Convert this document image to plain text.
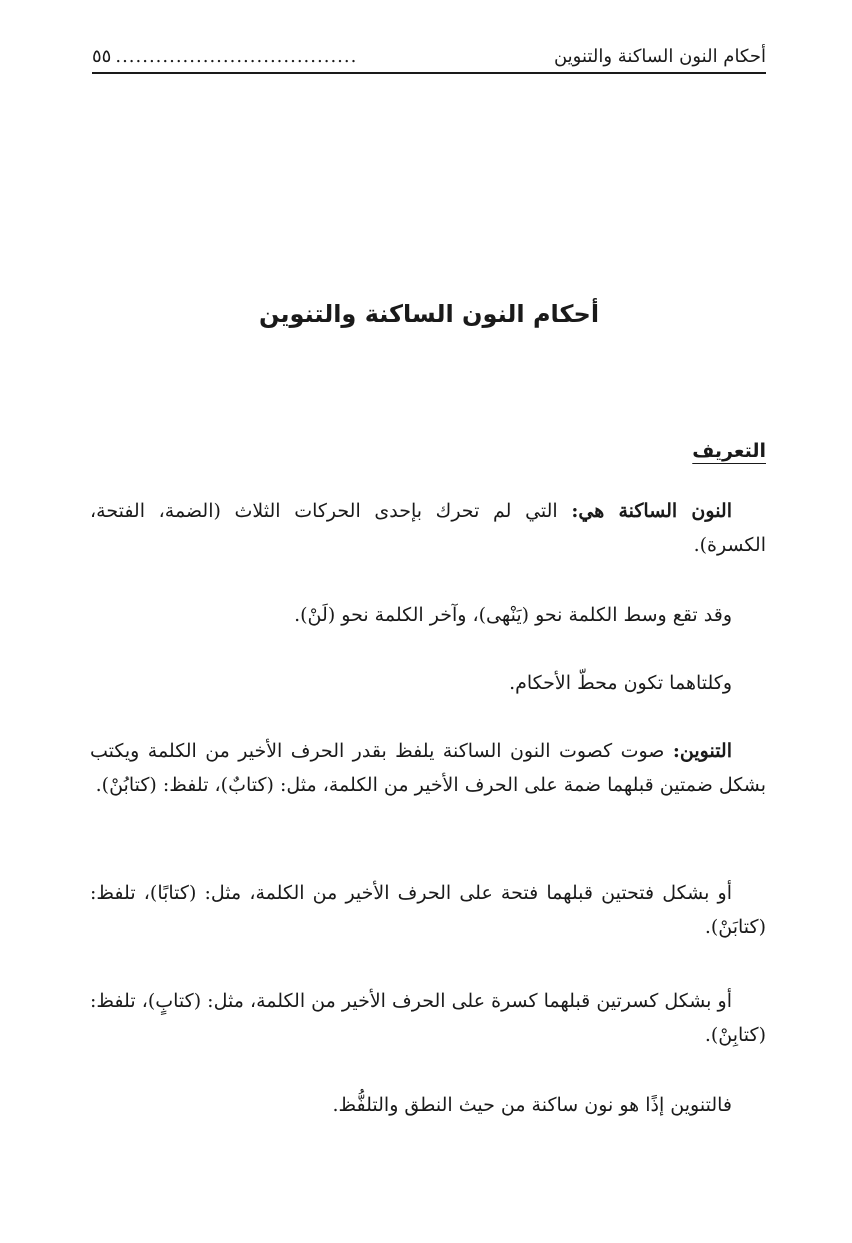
أحكام النون الساكنة والتنوين
....................................
٥٥
أحكام النون الساكنة والتنوين
التعريف

النون الساكنة هي: التي لم تحرك بإحدى الحركات الثلاث (الضمة، الفتحة، الكسرة).

وقد تقع وسط الكلمة نحو (يَنْهى)، وآخر الكلمة نحو (لَنْ).

وكلتاهما تكون محطّ الأحكام.

التنوين: صوت كصوت النون الساكنة يلفظ بقدر الحرف الأخير من الكلمة ويكتب بشكل ضمتين قبلهما ضمة على الحرف الأخير من الكلمة، مثل: (كتابٌ)، تلفظ: (كتابُنْ).

أو بشكل فتحتين قبلهما فتحة على الحرف الأخير من الكلمة، مثل: (كتابًا)، تلفظ: (كتابَنْ).

أو بشكل كسرتين قبلهما كسرة على الحرف الأخير من الكلمة، مثل: (كتابٍ)، تلفظ: (كتابِنْ).

فالتنوين إذًا هو نون ساكنة من حيث النطق والتلفُّظ.
